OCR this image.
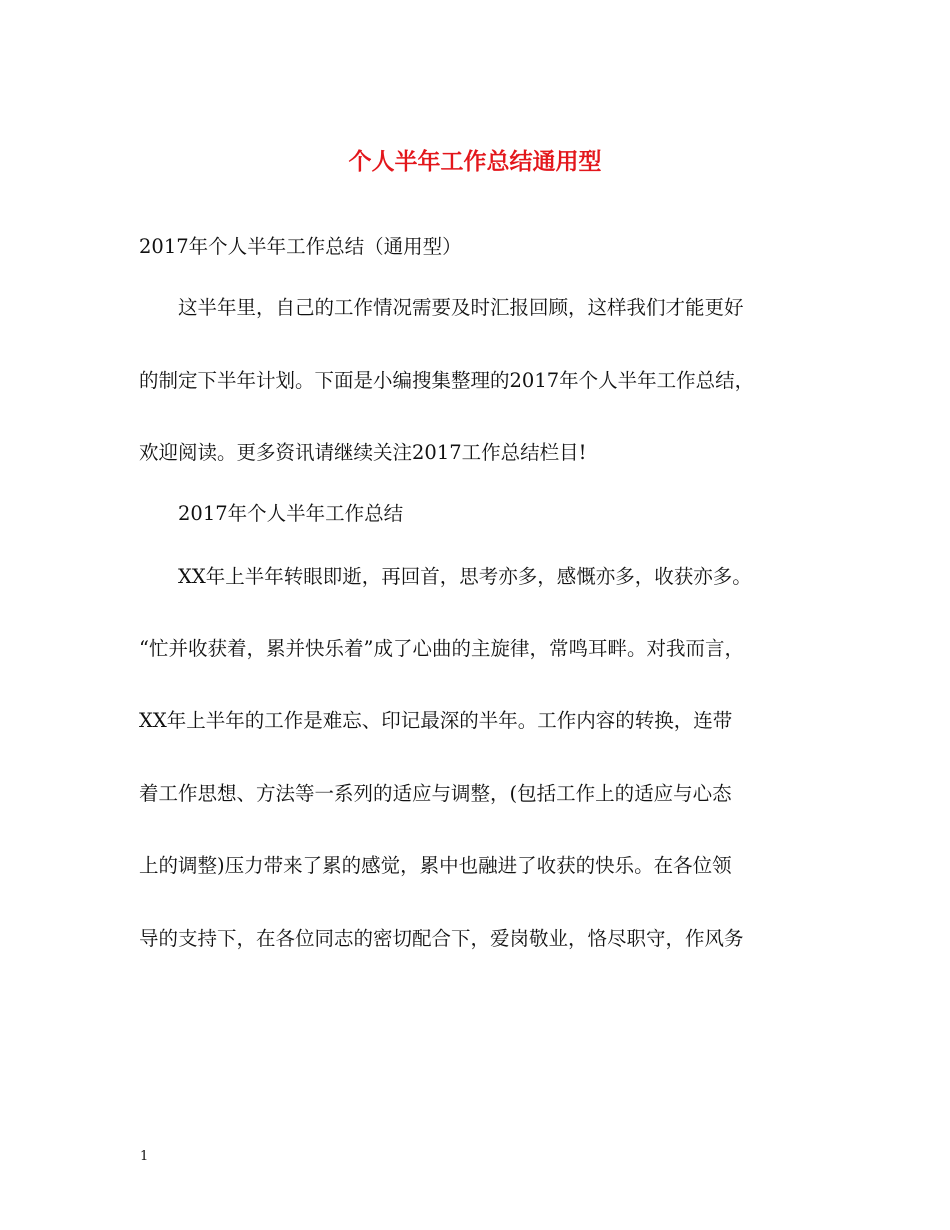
个人半年工作总结通用型
2017年个人半年工作总结（通用型）
　　这半年里，自己的工作情况需要及时汇报回顾，这样我们才能更好
的制定下半年计划。下面是小编搜集整理的2017年个人半年工作总结，
欢迎阅读。更多资讯请继续关注2017工作总结栏目!
　　2017年个人半年工作总结
　　XX年上半年转眼即逝，再回首，思考亦多，感慨亦多，收获亦多。
“忙并收获着，累并快乐着”成了心曲的主旋律，常鸣耳畔。对我而言，
XX年上半年的工作是难忘、印记最深的半年。工作内容的转换，连带
着工作思想、方法等一系列的适应与调整，(包括工作上的适应与心态
上的调整)压力带来了累的感觉，累中也融进了收获的快乐。在各位领
导的支持下，在各位同志的密切配合下，爱岗敬业，恪尽职守，作风务
1
